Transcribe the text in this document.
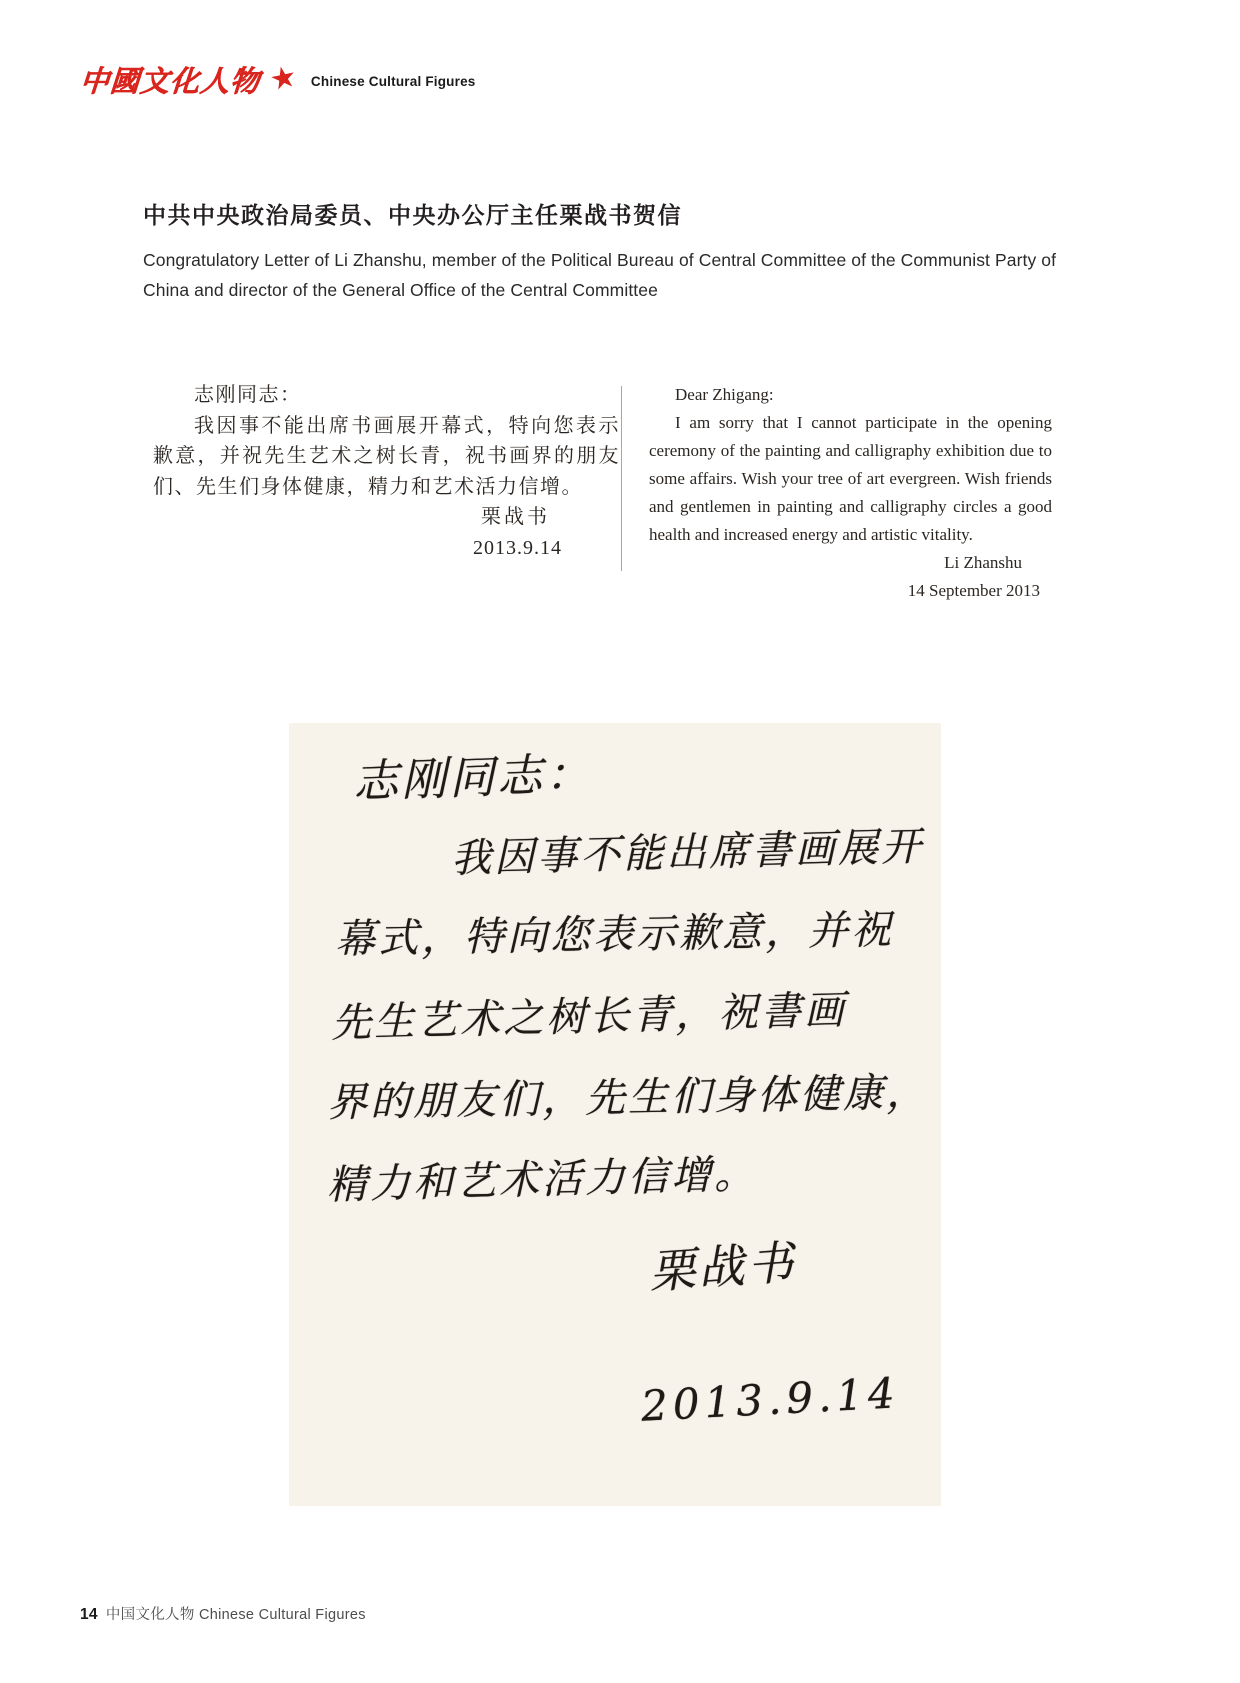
中國文化人物 ★ Chinese Cultural Figures
中共中央政治局委员、中央办公厅主任栗战书贺信
Congratulatory Letter of Li Zhanshu, member of the Political Bureau of Central Committee of the Communist Party of China and director of the General Office of the Central Committee
志刚同志：
我因事不能出席书画展开幕式，特向您表示歉意，并祝先生艺术之树长青，祝书画界的朋友们、先生们身体健康，精力和艺术活力信增。
栗战书
2013.9.14
Dear Zhigang:
I am sorry that I cannot participate in the opening ceremony of the painting and calligraphy exhibition due to some affairs. Wish your tree of art evergreen. Wish friends and gentlemen in painting and calligraphy circles a good health and increased energy and artistic vitality.
Li Zhanshu
14 September 2013
志刚同志：
我因事不能出席書画展开
幕式，特向您表示歉意，并祝
先生艺术之树长青，祝書画
界的朋友们，先生们身体健康，
精力和艺术活力信增。
栗战书
2013.9.14
14 中国文化人物 Chinese Cultural Figures
